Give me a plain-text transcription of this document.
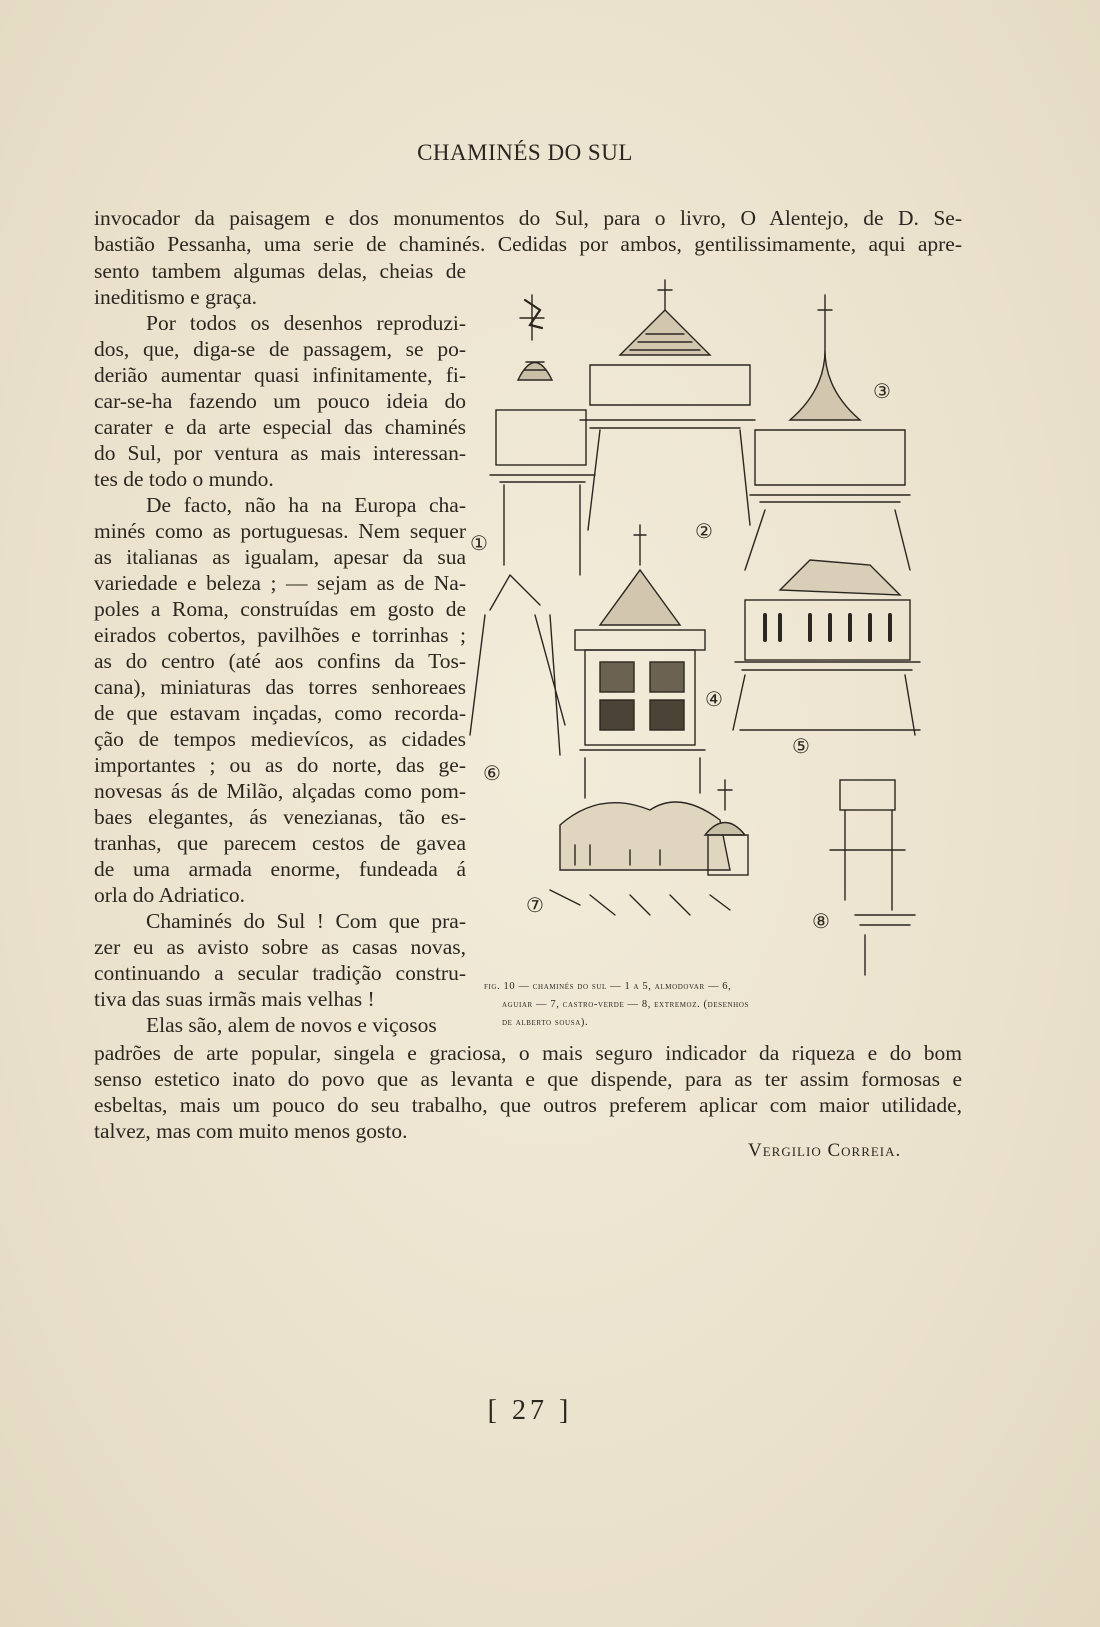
CHAMINÉS DO SUL
invocador da paisagem e dos monumentos do Sul, para o livro, O Alentejo, de D. Se-
bastião Pessanha, uma serie de chaminés. Cedidas por ambos, gentilissimamente, aqui apre-
sento tambem algumas delas, cheias de
ineditismo e graça.
Por todos os desenhos reproduzi-
dos, que, diga-se de passagem, se po-
derião aumentar quasi infinitamente, fi-
car-se-ha fazendo um pouco ideia do
carater e da arte especial das chaminés
do Sul, por ventura as mais interessan-
tes de todo o mundo.
De facto, não ha na Europa cha-
minés como as portuguesas. Nem sequer
as italianas as igualam, apesar da sua
variedade e beleza ; — sejam as de Na-
poles a Roma, construídas em gosto de
eirados cobertos, pavilhões e torrinhas ;
as do centro (até aos confins da Tos-
cana), miniaturas das torres senhoreaes
de que estavam inçadas, como recorda-
ção de tempos medievícos, as cidades
importantes ; ou as do norte, das ge-
novesas ás de Milão, alçadas como pom-
baes elegantes, ás venezianas, tão es-
tranhas, que parecem cestos de gavea
de uma armada enorme, fundeada á
orla do Adriatico.
Chaminés do Sul ! Com que pra-
zer eu as avisto sobre as casas novas,
continuando a secular tradição constru-
tiva das suas irmãs mais velhas !
Elas são, alem de novos e viçosos
①	②
③
④
⑤
⑥
⑦
⑧
fig. 10 — chaminés do sul — 1 a 5, almodovar — 6,
aguiar — 7, castro-verde — 8, extremoz. (desenhos
de alberto sousa).
padrões de arte popular, singela e graciosa, o mais seguro indicador da riqueza e do bom
senso estetico inato do povo que as levanta e que dispende, para as ter assim formosas e
esbeltas, mais um pouco do seu trabalho, que outros preferem aplicar com maior utilidade,
talvez, mas com muito menos gosto.
Vergilio Correia.
[ 27 ]
